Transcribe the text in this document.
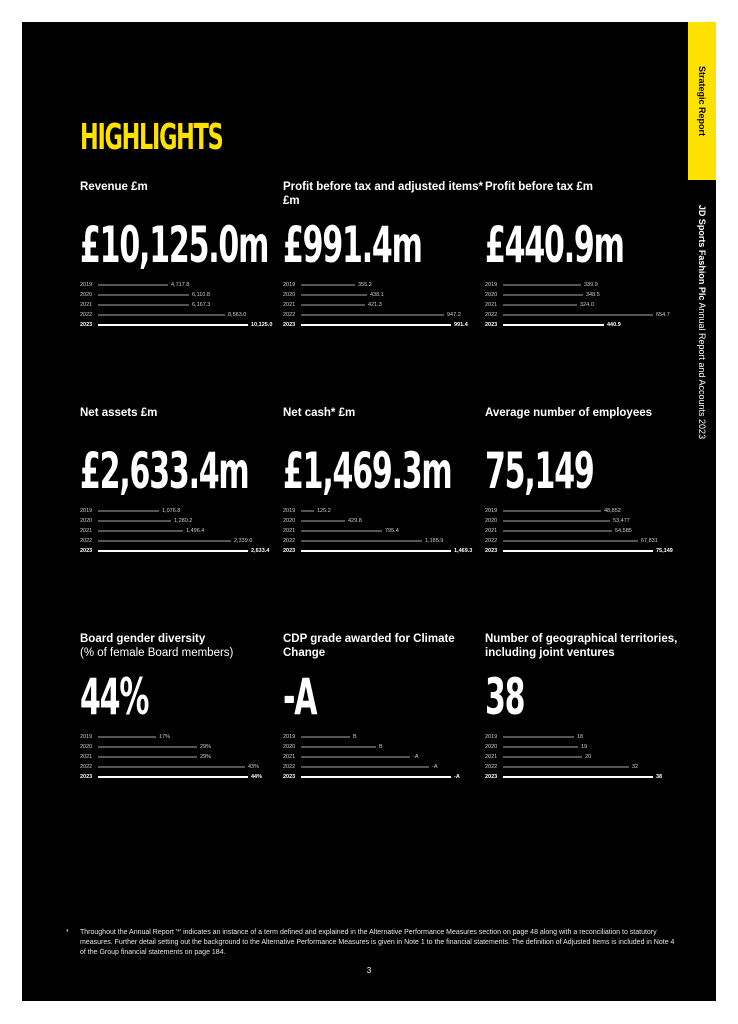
Strategic Report
JD Sports Fashion Plc Annual Report and Accounts 2023
HIGHLIGHTS

Revenue £m

£10,125.0m
2019	4,717.8
2020	6,110.8
2021	6,167.3
2022	8,563.0
2023	10,125.0

Profit before tax and adjusted items* £m

£991.4m
2019	355.2
2020	438.1
2021	421.3
2022	947.2
2023	991.4

Profit before tax £m

£440.9m
2019	339.9
2020	348.5
2021	324.0
2022	654.7
2023	440.9

Net assets £m

£2,633.4m
2019	1,076.8
2020	1,280.2
2021	1,496.4
2022	2,339.6
2023	2,633.4

Net cash* £m

£1,469.3m
2019	125.2
2020	429.8
2021	795.4
2022	1,185.9
2023	1,469.3

Average number of employees

75,149
2019	48,852
2020	53,477
2021	54,585
2022	67,831
2023	75,149

Board gender diversity
(% of female Board members)

44%
2019	17%
2020	29%
2021	29%
2022	43%
2023	44%

CDP grade awarded for Climate Change

-A
2019	B
2020	B
2021	-A
2022	-A
2023	-A

Number of geographical territories, including joint ventures

38
2019	18
2020	19
2021	20
2022	32
2023	38
* Throughout the Annual Report '*' indicates an instance of a term defined and explained in the Alternative Performance Measures section on page 48 along with a reconciliation to statutory measures. Further detail setting out the background to the Alternative Performance Measures is given in Note 1 to the financial statements. The definition of Adjusted Items is included in Note 4 of the Group financial statements on page 184.
3
